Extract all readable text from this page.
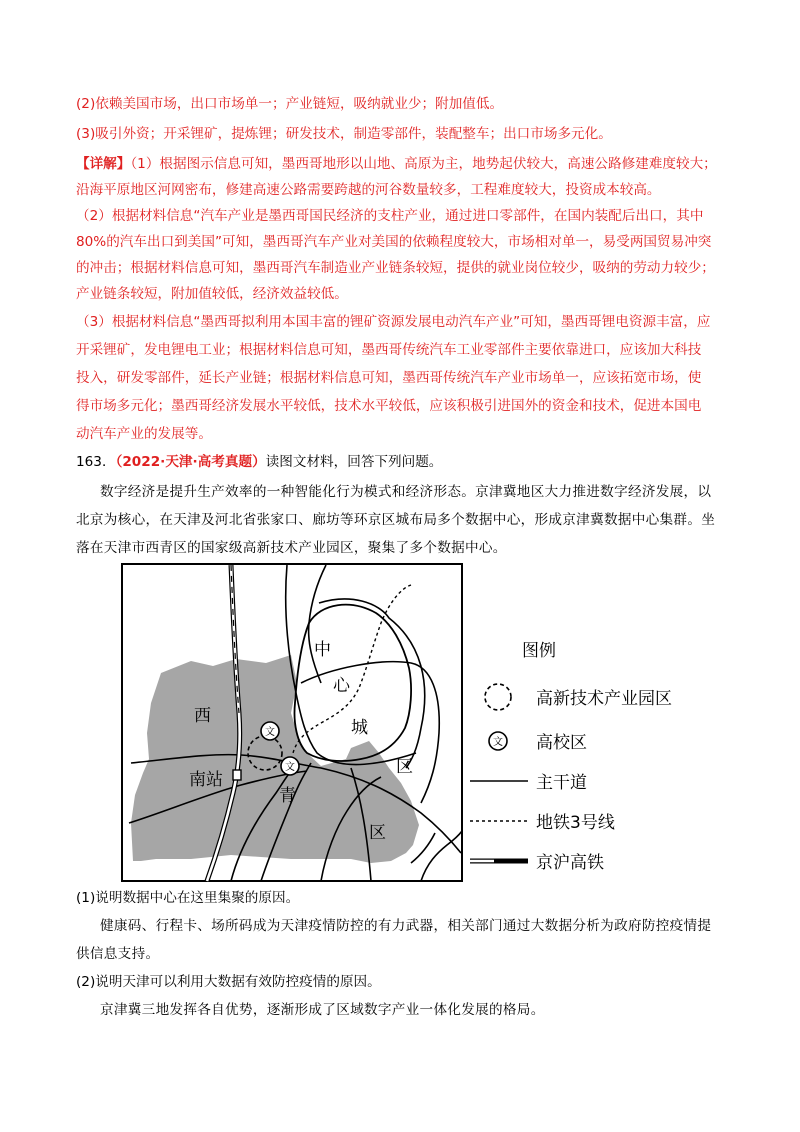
(2)依赖美国市场，出口市场单一；产业链短，吸纳就业少；附加值低。
(3)吸引外资；开采锂矿，提炼锂；研发技术，制造零部件，装配整车；出口市场多元化。
【详解】（1）根据图示信息可知，墨西哥地形以山地、高原为主，地势起伏较大，高速公路修建难度较大；
沿海平原地区河网密布，修建高速公路需要跨越的河谷数量较多，工程难度较大，投资成本较高。
（2）根据材料信息“汽车产业是墨西哥国民经济的支柱产业，通过进口零部件，在国内装配后出口，其中
80%的汽车出口到美国”可知，墨西哥汽车产业对美国的依赖程度较大，市场相对单一，易受两国贸易冲突
的冲击；根据材料信息可知，墨西哥汽车制造业产业链条较短，提供的就业岗位较少，吸纳的劳动力较少；
产业链条较短，附加值较低，经济效益较低。
（3）根据材料信息“墨西哥拟利用本国丰富的锂矿资源发展电动汽车产业”可知，墨西哥锂电资源丰富，应
开采锂矿，发电锂电工业；根据材料信息可知，墨西哥传统汽车工业零部件主要依靠进口，应该加大科技
投入，研发零部件，延长产业链；根据材料信息可知，墨西哥传统汽车产业市场单一，应该拓宽市场，使
得市场多元化；墨西哥经济发展水平较低，技术水平较低，应该积极引进国外的资金和技术，促进本国电
动汽车产业的发展等。
163．（2022·天津·高考真题）读图文材料，回答下列问题。
数字经济是提升生产效率的一种智能化行为模式和经济形态。京津冀地区大力推进数字经济发展，以
北京为核心，在天津及河北省张家口、廊坊等环京区城布局多个数据中心，形成京津冀数据中心集群。坐
落在天津市西青区的国家级高新技术产业园区，聚集了多个数据中心。
文
文
中
心
城
区
西
南站
青
区
图例
高新技术产业园区
文 高校区
主干道
地铁3号线
京沪高铁
(1)说明数据中心在这里集聚的原因。
健康码、行程卡、场所码成为天津疫情防控的有力武器，相关部门通过大数据分析为政府防控疫情提
供信息支持。
(2)说明天津可以利用大数据有效防控疫情的原因。
京津冀三地发挥各自优势，逐渐形成了区域数字产业一体化发展的格局。
